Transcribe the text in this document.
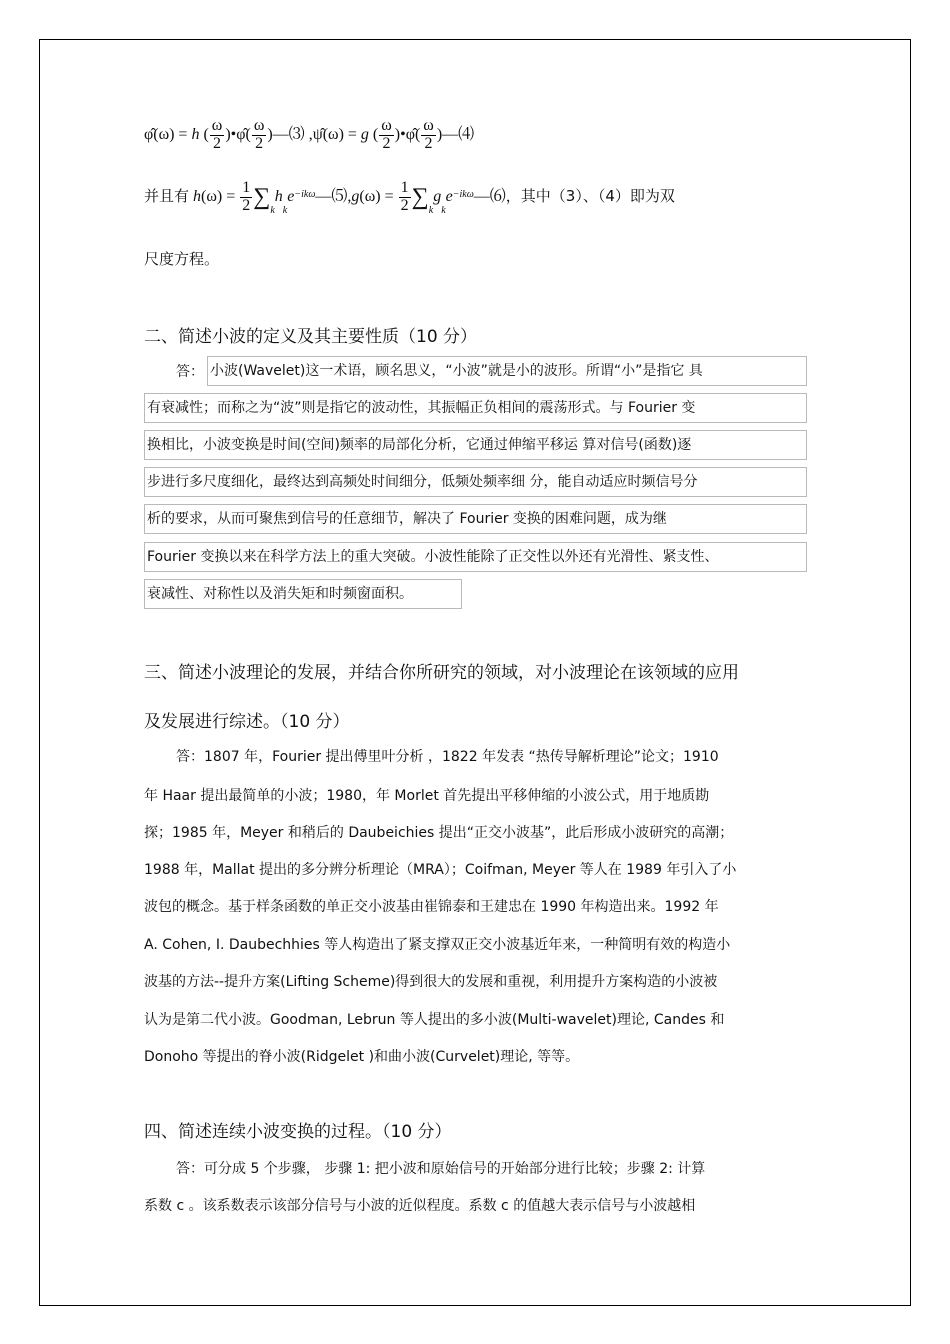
φ̂(ω) = h ( $\frac{\omega}{2}$ )•φ̂( $\frac{\omega}{2}$ )—⑶ ,ψ̂(ω) = g ( $\frac{\omega}{2}$ )•φ̂( $\frac{\omega}{2}$ )—⑷
并且有 $h(\omega) = \frac{1}{2}$ $\sum_kh_ke^{-ik\omega}—⑸,g(\omega) = \frac{1}{2}$ $\sum_kg_ke^{-ik\omega}—⑹$，其中（3）、（4）即为双
尺度方程。
二、简述小波的定义及其主要性质（10 分）
答： 小波(Wavelet)这一术语，顾名思义，“小波”就是小的波形。所谓“小”是指它 具
有衰减性；而称之为“波”则是指它的波动性，其振幅正负相间的震荡形式。与 Fourier 变
换相比，小波变换是时间(空间)频率的局部化分析，它通过伸缩平移运 算对信号(函数)逐
步进行多尺度细化，最终达到高频处时间细分，低频处频率细 分，能自动适应时频信号分
析的要求，从而可聚焦到信号的任意细节，解决了 Fourier 变换的困难问题，成为继
Fourier 变换以来在科学方法上的重大突破。小波性能除了正交性以外还有光滑性、紧支性、
衰减性、对称性以及消失矩和时频窗面积。
三、简述小波理论的发展，并结合你所研究的领域，对小波理论在该领域的应用
及发展进行综述。（10 分）
答：1807 年，Fourier 提出傅里叶分析 ，1822 年发表 “热传导解析理论”论文；1910
年 Haar 提出最简单的小波；1980，年 Morlet 首先提出平移伸缩的小波公式，用于地质勘
探；1985 年，Meyer 和稍后的 Daubeichies 提出“正交小波基”，此后形成小波研究的高潮；
1988 年，Mallat 提出的多分辨分析理论（MRA）；Coifman, Meyer 等人在 1989 年引入了小
波包的概念。基于样条函数的单正交小波基由崔锦泰和王建忠在 1990 年构造出来。1992 年
A. Cohen, I. Daubechhies 等人构造出了紧支撑双正交小波基近年来，一种简明有效的构造小
波基的方法--提升方案(Lifting Scheme)得到很大的发展和重视，利用提升方案构造的小波被
认为是第二代小波。Goodman, Lebrun 等人提出的多小波(Multi-wavelet)理论, Candes 和
Donoho 等提出的脊小波(Ridgelet )和曲小波(Curvelet)理论, 等等。
四、简述连续小波变换的过程。（10 分）
答：可分成 5 个步骤， 步骤 1: 把小波和原始信号的开始部分进行比较；步骤 2: 计算
系数 c 。该系数表示该部分信号与小波的近似程度。系数 c 的值越大表示信号与小波越相
